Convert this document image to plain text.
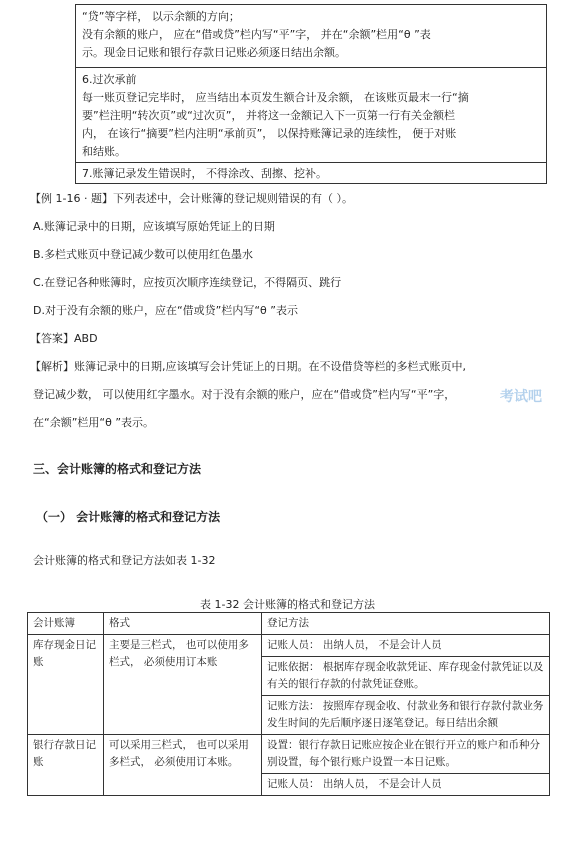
“贷”等字样， 以示余额的方向；
没有余额的账户， 应在“借或贷”栏内写“平”字， 并在“余额”栏用“θ ”表
示。现金日记账和银行存款日记账必须逐日结出余额。
6.过次承前
每一账页登记完毕时， 应当结出本页发生额合计及余额， 在该账页最末一行“摘
要”栏注明“转次页”或“过次页”， 并将这一金额记入下一页第一行有关金额栏
内， 在该行“摘要”栏内注明“承前页”， 以保持账簿记录的连续性， 便于对账
和结账。
7.账簿记录发生错误时， 不得涂改、刮擦、挖补。
【例 1-16 · 题】下列表述中，会计账簿的登记规则错误的有（ ）。
A.账簿记录中的日期，应该填写原始凭证上的日期
B.多栏式账页中登记减少数可以使用红色墨水
C.在登记各种账簿时，应按页次顺序连续登记，不得隔页、跳行
D.对于没有余额的账户，应在“借或贷”栏内写“θ ”表示
【答案】ABD
【解析】账簿记录中的日期,应该填写会计凭证上的日期。在不设借贷等栏的多栏式账页中,
登记减少数， 可以使用红字墨水。对于没有余额的账户，应在“借或贷”栏内写“平”字，
在“余额”栏用“θ ”表示。
考试吧
三、会计账簿的格式和登记方法
（一） 会计账簿的格式和登记方法
会计账簿的格式和登记方法如表 1-32
表 1-32 会计账簿的格式和登记方法
会计账簿	格式	登记方法
库存现金日记账	主要是三栏式， 也可以使用多栏式， 必须使用订本账	记账人员： 出纳人员， 不是会计人员
		记账依据： 根据库存现金收款凭证、库存现金付款凭证以及有关的银行存款的付款凭证登账。
		记账方法： 按照库存现金收、付款业务和银行存款付款业务发生时间的先后顺序逐日逐笔登记。每日结出余额
银行存款日记账	可以采用三栏式， 也可以采用多栏式， 必须使用订本账。	设置：银行存款日记账应按企业在银行开立的账户和币种分别设置，每个银行账户设置一本日记账。
		记账人员： 出纳人员， 不是会计人员
